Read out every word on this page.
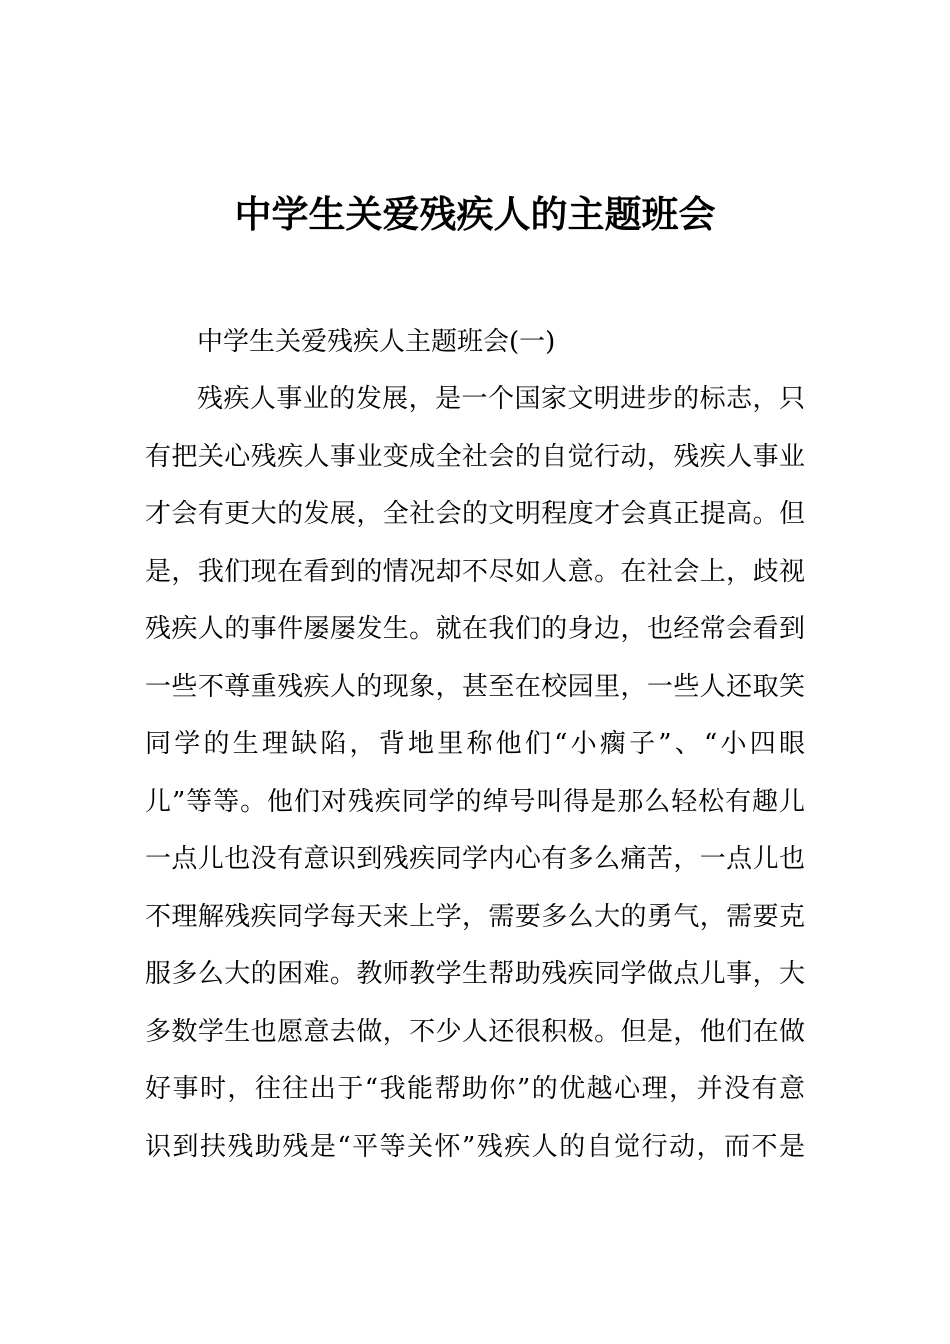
中学生关爱残疾人的主题班会

中学生关爱残疾人主题班会(一)

残疾人事业的发展，是一个国家文明进步的标志，只
有把关心残疾人事业变成全社会的自觉行动，残疾人事业
才会有更大的发展，全社会的文明程度才会真正提高。但
是，我们现在看到的情况却不尽如人意。在社会上，歧视
残疾人的事件屡屡发生。就在我们的身边，也经常会看到
一些不尊重残疾人的现象，甚至在校园里，一些人还取笑
同学的生理缺陷，背地里称他们“小瘸子”、“小四眼
儿”等等。他们对残疾同学的绰号叫得是那么轻松有趣儿
一点儿也没有意识到残疾同学内心有多么痛苦，一点儿也
不理解残疾同学每天来上学，需要多么大的勇气，需要克
服多么大的困难。教师教学生帮助残疾同学做点儿事，大
多数学生也愿意去做，不少人还很积极。但是，他们在做
好事时，往往出于“我能帮助你”的优越心理，并没有意
识到扶残助残是“平等关怀”残疾人的自觉行动，而不是
